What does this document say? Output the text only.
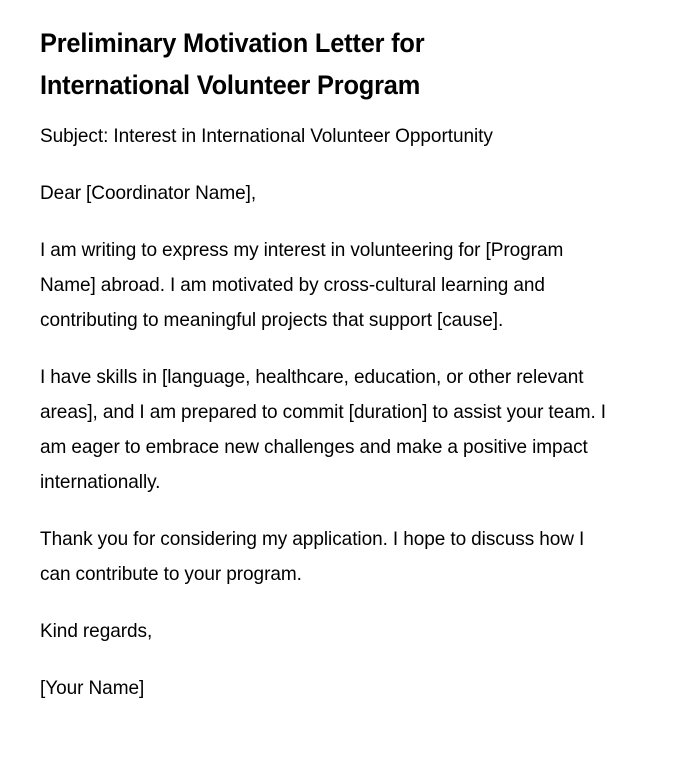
Preliminary Motivation Letter for International Volunteer Program

Subject: Interest in International Volunteer Opportunity

Dear [Coordinator Name],

I am writing to express my interest in volunteering for [Program Name] abroad. I am motivated by cross-cultural learning and contributing to meaningful projects that support [cause].

I have skills in [language, healthcare, education, or other relevant areas], and I am prepared to commit [duration] to assist your team. I am eager to embrace new challenges and make a positive impact internationally.

Thank you for considering my application. I hope to discuss how I can contribute to your program.

Kind regards,

[Your Name]
